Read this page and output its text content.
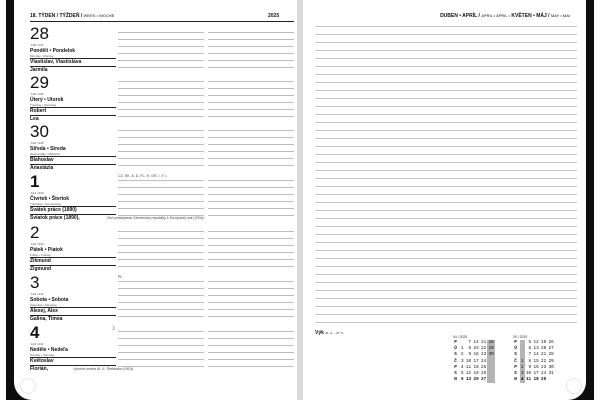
18. TÝDEN / TÝŽDEŇ / WEEK • WOCHE	2025
28
118 / 247
Pondělí • Pondelok
Monday • Montag
Vlastislav, Vlastislava
Jarmila
29
119 / 246
Úterý • Utorok
Tuesday • Dienstag
Robert
Lea
30
120 / 245
Středa • Streda
Wednesday • Mittwoch
Blahoslav
Anastázia
1
121 / 244
Čtvrtek • Štvrtok
Thursday • Donnerstag
Svátek práce (1890)
Sviatok práce (1890),
CZ, SK, A, D, FL, H, GR, I, F, L
Deň pristúpenia Slovenskej republiky k Európskej únii (2004)
2
122 / 243
Pátek • Piatok
Friday • Freitag
Zikmund
Žigmund
3
123 / 242
Sobota • Sobota
Saturday • Samstag
Alexej, Alex
Galina, Timea
PL
4
124 / 241
Neděle • Nedeľa
Sunday • Sonntag
Květoslav
Florián,	Výročie úmrtia M. R. Štefánika (1919)
☽
DUBEN • APRÍL / APRIL • APRIL • KVĚTEN • MÁJ / MAY • MAI
Výk 31. 4. – 27. 5.
04 / 2025
P		7	14	21	28
Ú	1	8	15	22	29
S	2	9	16	23	30
Č	3	10	17	24	
P	4	11	18	25	
S	5	12	19	26	
N	6	13	20	27	
05 / 2025
P		5	12	19	26
Ú		6	13	20	27
S		7	14	21	28
Č	1	8	15	22	29
P	2	9	16	23	30
S	3	10	17	24	31
N	4	11	18	25	
